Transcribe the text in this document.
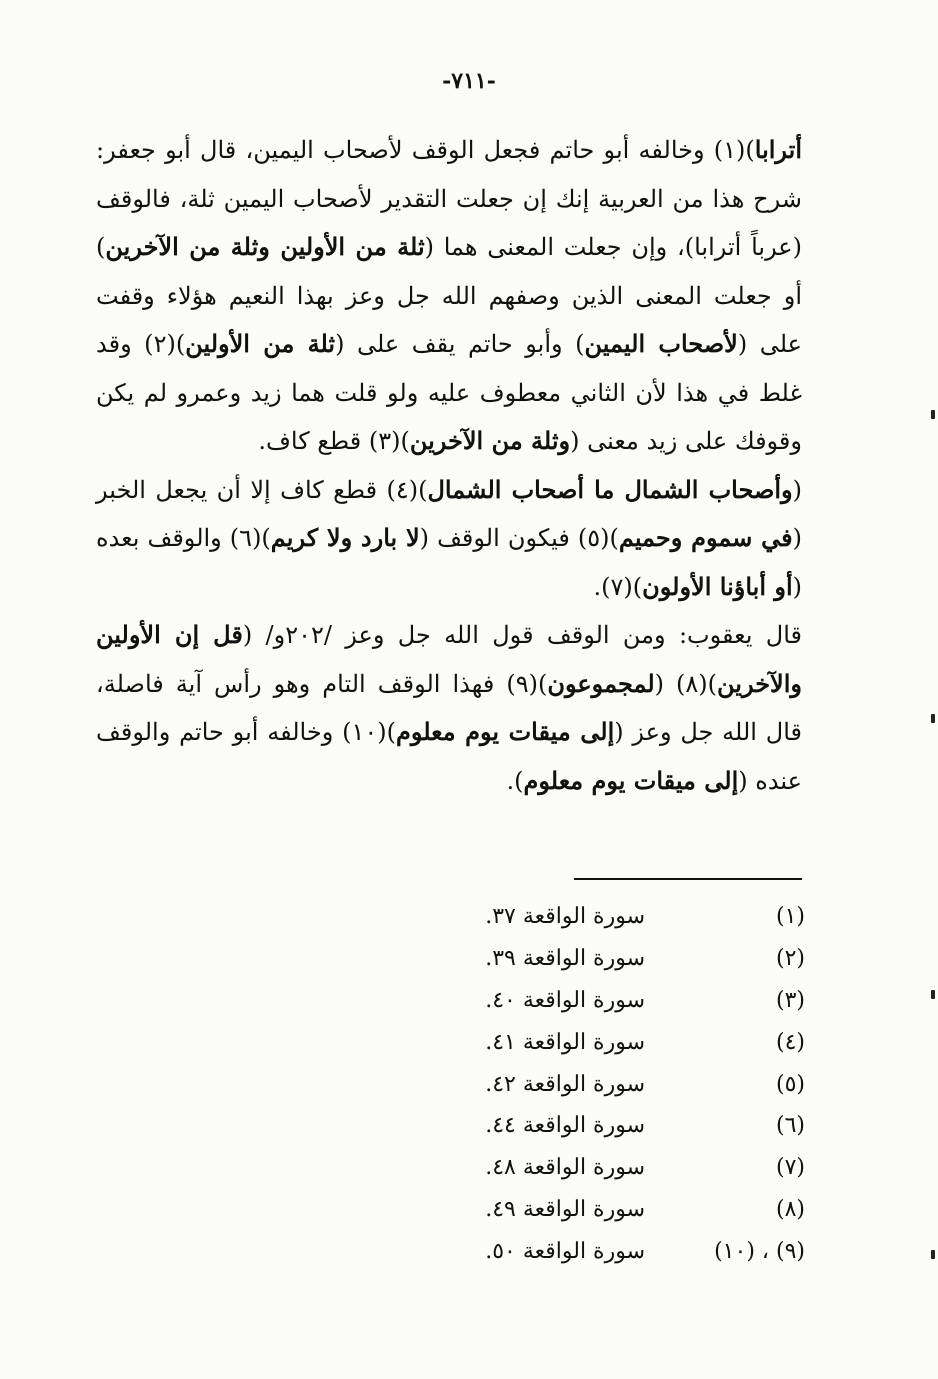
-٧١١-

أترابا)(١) وخالفه أبو حاتم فجعل الوقف لأصحاب اليمين، قال أبو جعفر: شرح هذا من العربية إنك إن جعلت التقدير لأصحاب اليمين ثلة، فالوقف (عرباً أترابا)، وإن جعلت المعنى هما (ثلة من الأولين وثلة من الآخرين) أو جعلت المعنى الذين وصفهم الله جل وعز بهذا النعيم هؤلاء وقفت على (لأصحاب اليمين) وأبو حاتم يقف على (ثلة من الأولين)(٢) وقد غلط في هذا لأن الثاني معطوف عليه ولو قلت هما زيد وعمرو لم يكن وقوفك على زيد معنى (وثلة من الآخرين)(٣) قطع كاف.

(وأصحاب الشمال ما أصحاب الشمال)(٤) قطع كاف إلا أن يجعل الخبر (في سموم وحميم)(٥) فيكون الوقف (لا بارد ولا كريم)(٦) والوقف بعده (أو أباؤنا الأولون)(٧).

قال يعقوب: ومن الوقف قول الله جل وعز /٢٠٢و/ (قل إن الأولين والآخرين)(٨) (لمجموعون)(٩) فهذا الوقف التام وهو رأس آية فاصلة، قال الله جل وعز (إلى ميقات يوم معلوم)(١٠) وخالفه أبو حاتم والوقف عنده (إلى ميقات يوم معلوم).

(١)
سورة الواقعة ٣٧.
(٢)
سورة الواقعة ٣٩.
(٣)
سورة الواقعة ٤٠.
(٤)
سورة الواقعة ٤١.
(٥)
سورة الواقعة ٤٢.
(٦)
سورة الواقعة ٤٤.
(٧)
سورة الواقعة ٤٨.
(٨)
سورة الواقعة ٤٩.
(٩) ، (١٠)
سورة الواقعة ٥٠.
